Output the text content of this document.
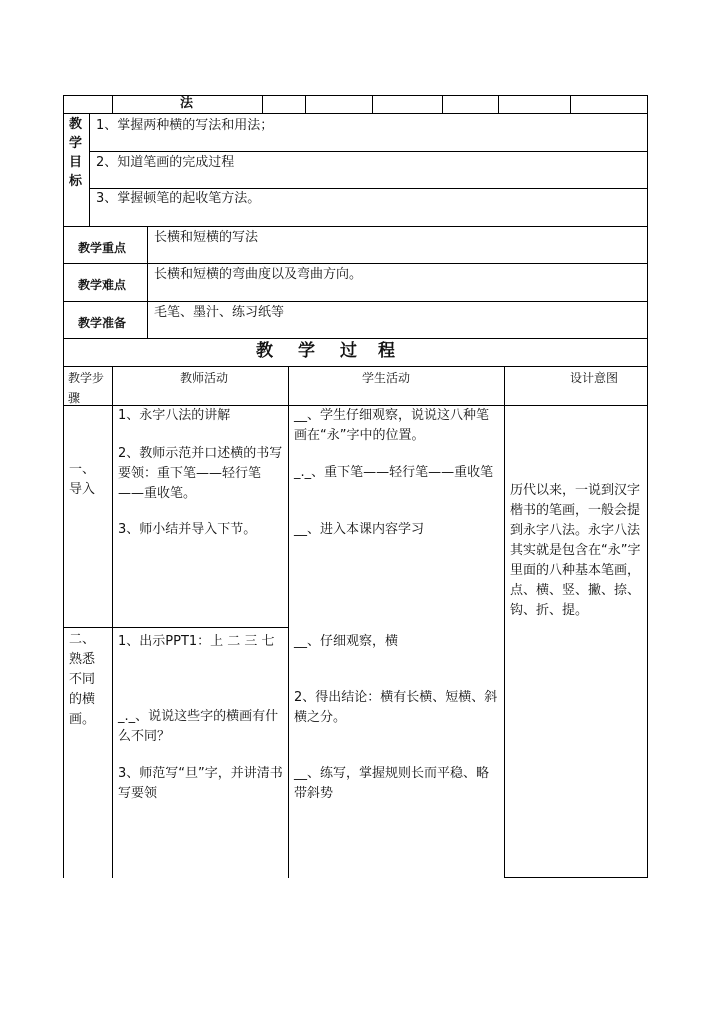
法
教
学
目
标
1、掌握两种横的写法和用法；
2、知道笔画的完成过程
3、掌握顿笔的起收笔方法。
教学重点
长横和短横的写法
教学难点
长横和短横的弯曲度以及弯曲方向。
教学准备
毛笔、墨汁、练习纸等
教 学 过 程
教学步骤
教师活动	学生活动	设计意图
一、导入
1、永字八法的讲解
2、教师示范并口述横的书写要领：重下笔——轻行笔——重收笔。
3、师小结并导入下节。
__、学生仔细观察，说说这八种笔画在“永”字中的位置。
_._、重下笔——轻行笔——重收笔
__、进入本课内容学习
二、熟悉不同的横画。
1、出示PPT1：上 二 三 七
_._、说说这些字的横画有什么不同？
3、师范写“旦”字，并讲清书写要领
__、仔细观察，横
2、得出结论：横有长横、短横、斜横之分。
__、练写，掌握规则长而平稳、略带斜势
历代以来，一说到汉字楷书的笔画，一般会提到永字八法。永字八法其实就是包含在“永”字里面的八种基本笔画，点、横、竖、撇、捺、钩、折、提。
